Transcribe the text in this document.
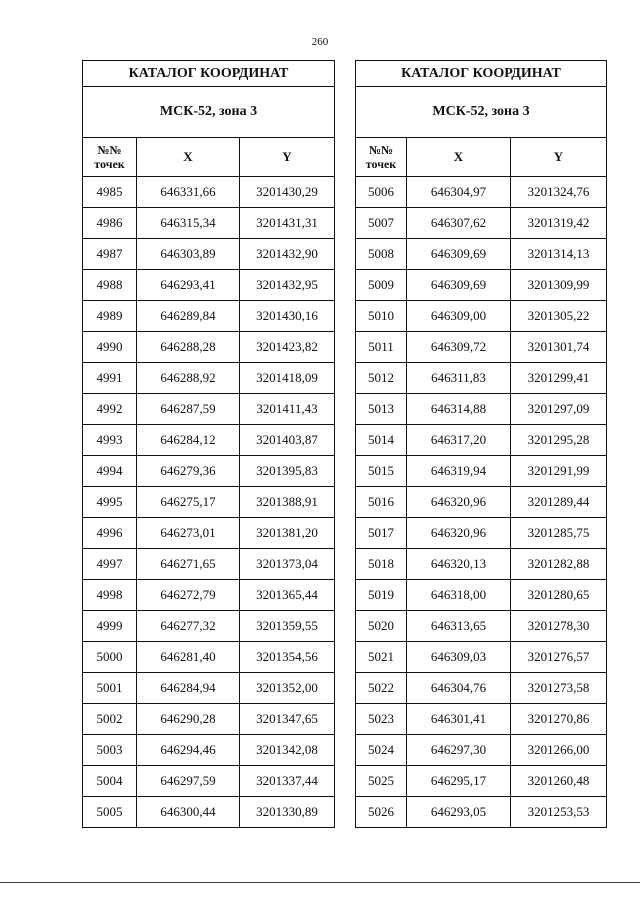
260
КАТАЛОГ КООРДИНАТ		
МСК-52, зона 3		
№№
точек	X	Y
4985	646331,66	3201430,29
4986	646315,34	3201431,31
4987	646303,89	3201432,90
4988	646293,41	3201432,95
4989	646289,84	3201430,16
4990	646288,28	3201423,82
4991	646288,92	3201418,09
4992	646287,59	3201411,43
4993	646284,12	3201403,87
4994	646279,36	3201395,83
4995	646275,17	3201388,91
4996	646273,01	3201381,20
4997	646271,65	3201373,04
4998	646272,79	3201365,44
4999	646277,32	3201359,55
5000	646281,40	3201354,56
5001	646284,94	3201352,00
5002	646290,28	3201347,65
5003	646294,46	3201342,08
5004	646297,59	3201337,44
5005	646300,44	3201330,89
КАТАЛОГ КООРДИНАТ		
МСК-52, зона 3		
№№
точек	X	Y
5006	646304,97	3201324,76
5007	646307,62	3201319,42
5008	646309,69	3201314,13
5009	646309,69	3201309,99
5010	646309,00	3201305,22
5011	646309,72	3201301,74
5012	646311,83	3201299,41
5013	646314,88	3201297,09
5014	646317,20	3201295,28
5015	646319,94	3201291,99
5016	646320,96	3201289,44
5017	646320,96	3201285,75
5018	646320,13	3201282,88
5019	646318,00	3201280,65
5020	646313,65	3201278,30
5021	646309,03	3201276,57
5022	646304,76	3201273,58
5023	646301,41	3201270,86
5024	646297,30	3201266,00
5025	646295,17	3201260,48
5026	646293,05	3201253,53
